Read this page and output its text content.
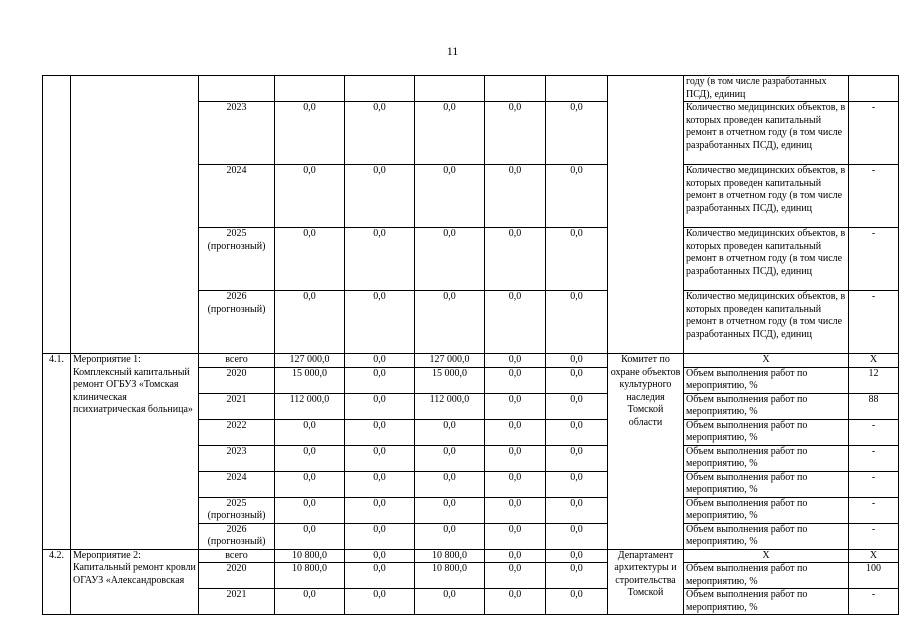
11
									году (в том числе разработанных ПСД), единиц	
		2023	0,0	0,0	0,0	0,0	0,0		Количество медицинских объектов, в которых проведен капитальный ремонт в отчетном году (в том числе разработанных ПСД), единиц	-
		2024	0,0	0,0	0,0	0,0	0,0		Количество медицинских объектов, в которых проведен капитальный ремонт в отчетном году (в том числе разработанных ПСД), единиц	-
		2025
(прогнозный)	0,0	0,0	0,0	0,0	0,0		Количество медицинских объектов, в которых проведен капитальный ремонт в отчетном году (в том числе разработанных ПСД), единиц	-
		2026
(прогнозный)	0,0	0,0	0,0	0,0	0,0		Количество медицинских объектов, в которых проведен капитальный ремонт в отчетном году (в том числе разработанных ПСД), единиц	-
4.1.	Мероприятие 1: Комплексный капитальный ремонт ОГБУЗ «Томская клиническая психиатрическая больница»	всего	127 000,0	0,0	127 000,0	0,0	0,0	Комитет по охране объектов культурного наследия Томской области	X	X
		2020	15 000,0	0,0	15 000,0	0,0	0,0		Объем выполнения работ по мероприятию, %	12
		2021	112 000,0	0,0	112 000,0	0,0	0,0		Объем выполнения работ по мероприятию, %	88
		2022	0,0	0,0	0,0	0,0	0,0		Объем выполнения работ по мероприятию, %	-
		2023	0,0	0,0	0,0	0,0	0,0		Объем выполнения работ по мероприятию, %	-
		2024	0,0	0,0	0,0	0,0	0,0		Объем выполнения работ по мероприятию, %	-
		2025
(прогнозный)	0,0	0,0	0,0	0,0	0,0		Объем выполнения работ по мероприятию, %	-
		2026
(прогнозный)	0,0	0,0	0,0	0,0	0,0		Объем выполнения работ по мероприятию, %	-
4.2.	Мероприятие 2: Капитальный ремонт кровли ОГАУЗ «Александровская	всего	10 800,0	0,0	10 800,0	0,0	0,0	Департамент архитектуры и строительства Томской	X	X
		2020	10 800,0	0,0	10 800,0	0,0	0,0		Объем выполнения работ по мероприятию, %	100
		2021	0,0	0,0	0,0	0,0	0,0		Объем выполнения работ по мероприятию, %	-
